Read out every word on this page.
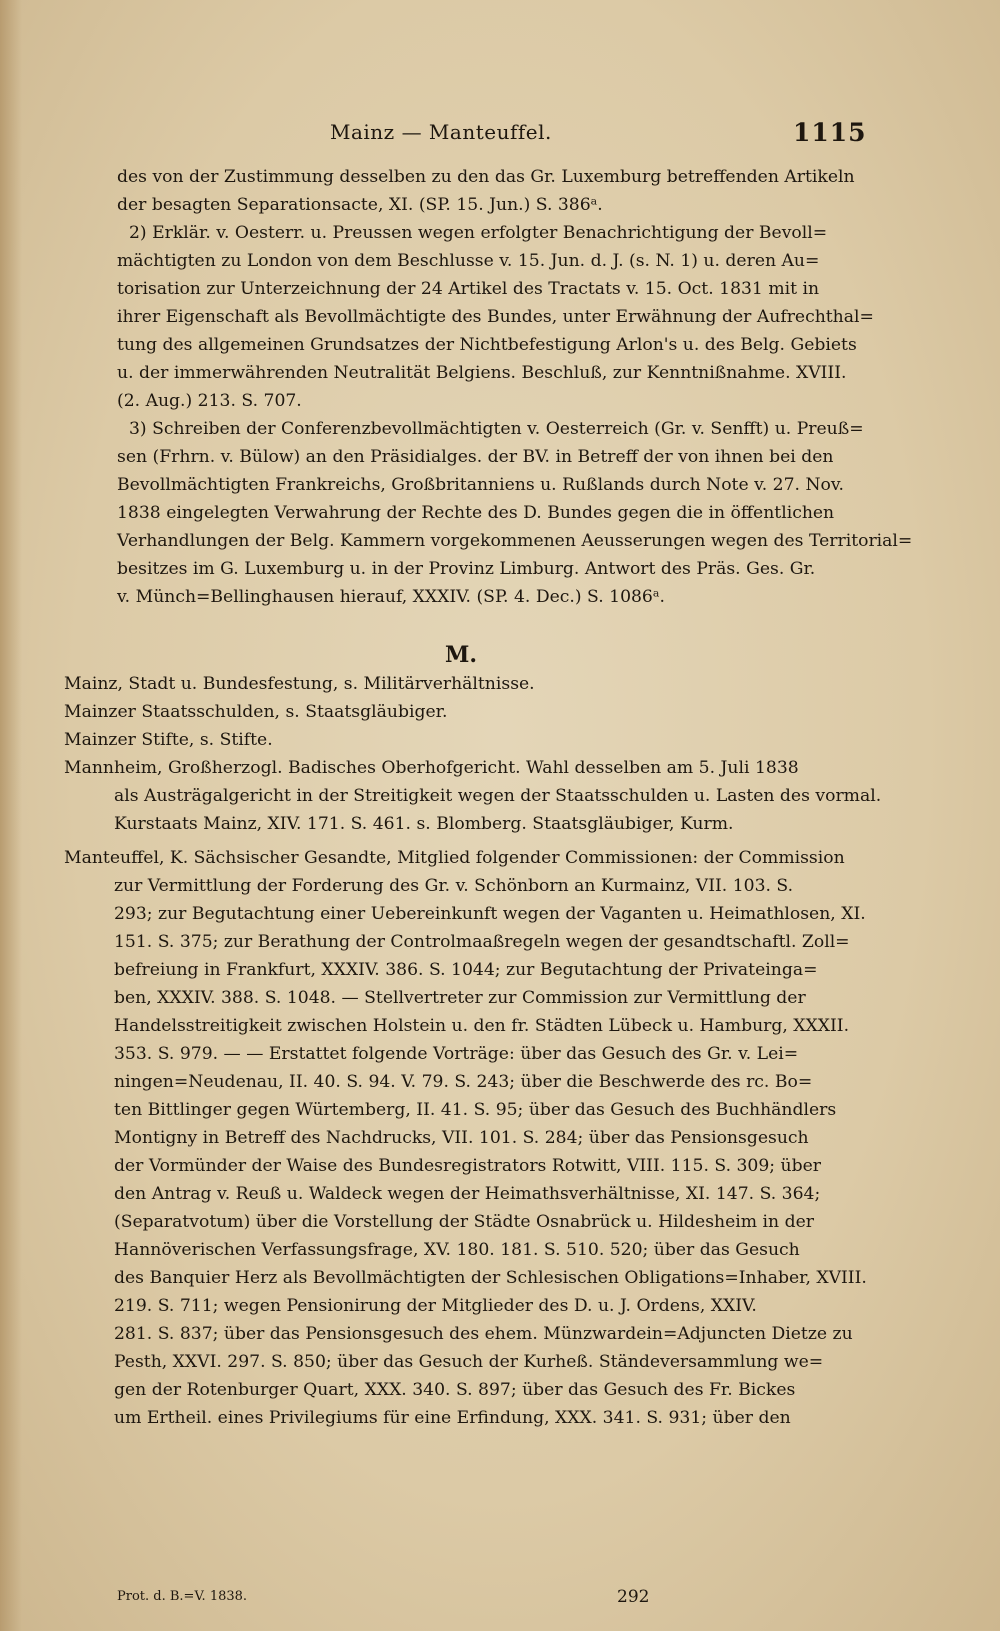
Mainz — Manteuffel.	1115
des von der Zustimmung desselben zu den das Gr. Luxemburg betreffenden Artikeln
der besagten Separationsacte, XI. (SP. 15. Jun.) S. 386ᵃ.
2) Erklär. v. Oesterr. u. Preussen wegen erfolgter Benachrichtigung der Bevoll=
mächtigten zu London von dem Beschlusse v. 15. Jun. d. J. (s. N. 1) u. deren Au=
torisation zur Unterzeichnung der 24 Artikel des Tractats v. 15. Oct. 1831 mit in
ihrer Eigenschaft als Bevollmächtigte des Bundes, unter Erwähnung der Aufrechthal=
tung des allgemeinen Grundsatzes der Nichtbefestigung Arlon's u. des Belg. Gebiets
u. der immerwährenden Neutralität Belgiens. Beschluß, zur Kenntnißnahme. XVIII.
(2. Aug.) 213. S. 707.
3) Schreiben der Conferenzbevollmächtigten v. Oesterreich (Gr. v. Senfft) u. Preuß=
sen (Frhrn. v. Bülow) an den Präsidialges. der BV. in Betreff der von ihnen bei den
Bevollmächtigten Frankreichs, Großbritanniens u. Rußlands durch Note v. 27. Nov.
1838 eingelegten Verwahrung der Rechte des D. Bundes gegen die in öffentlichen
Verhandlungen der Belg. Kammern vorgekommenen Aeusserungen wegen des Territorial=
besitzes im G. Luxemburg u. in der Provinz Limburg. Antwort des Präs. Ges. Gr.
v. Münch=Bellinghausen hierauf, XXXIV. (SP. 4. Dec.) S. 1086ᵃ.
M.
Mainz, Stadt u. Bundesfestung, s. Militärverhältnisse.
Mainzer Staatsschulden, s. Staatsgläubiger.
Mainzer Stifte, s. Stifte.
Mannheim, Großherzogl. Badisches Oberhofgericht. Wahl desselben am 5. Juli 1838
als Austrägalgericht in der Streitigkeit wegen der Staatsschulden u. Lasten des vormal.
Kurstaats Mainz, XIV. 171. S. 461. s. Blomberg. Staatsgläubiger, Kurm.
Manteuffel, K. Sächsischer Gesandte, Mitglied folgender Commissionen: der Commission
zur Vermittlung der Forderung des Gr. v. Schönborn an Kurmainz, VII. 103. S.
293; zur Begutachtung einer Uebereinkunft wegen der Vaganten u. Heimathlosen, XI.
151. S. 375; zur Berathung der Controlmaaßregeln wegen der gesandtschaftl. Zoll=
befreiung in Frankfurt, XXXIV. 386. S. 1044; zur Begutachtung der Privateinga=
ben, XXXIV. 388. S. 1048. — Stellvertreter zur Commission zur Vermittlung der
Handelsstreitigkeit zwischen Holstein u. den fr. Städten Lübeck u. Hamburg, XXXII.
353. S. 979. — — Erstattet folgende Vorträge: über das Gesuch des Gr. v. Lei=
ningen=Neudenau, II. 40. S. 94. V. 79. S. 243; über die Beschwerde des rc. Bo=
ten Bittlinger gegen Würtemberg, II. 41. S. 95; über das Gesuch des Buchhändlers
Montigny in Betreff des Nachdrucks, VII. 101. S. 284; über das Pensionsgesuch
der Vormünder der Waise des Bundesregistrators Rotwitt, VIII. 115. S. 309; über
den Antrag v. Reuß u. Waldeck wegen der Heimathsverhältnisse, XI. 147. S. 364;
(Separatvotum) über die Vorstellung der Städte Osnabrück u. Hildesheim in der
Hannöverischen Verfassungsfrage, XV. 180. 181. S. 510. 520; über das Gesuch
des Banquier Herz als Bevollmächtigten der Schlesischen Obligations=Inhaber, XVIII.
219. S. 711; wegen Pensionirung der Mitglieder des D. u. J. Ordens, XXIV.
281. S. 837; über das Pensionsgesuch des ehem. Münzwardein=Adjuncten Dietze zu
Pesth, XXVI. 297. S. 850; über das Gesuch der Kurheß. Ständeversammlung we=
gen der Rotenburger Quart, XXX. 340. S. 897; über das Gesuch des Fr. Bickes
um Ertheil. eines Privilegiums für eine Erfindung, XXX. 341. S. 931; über den
Prot. d. B.=V. 1838.	292
